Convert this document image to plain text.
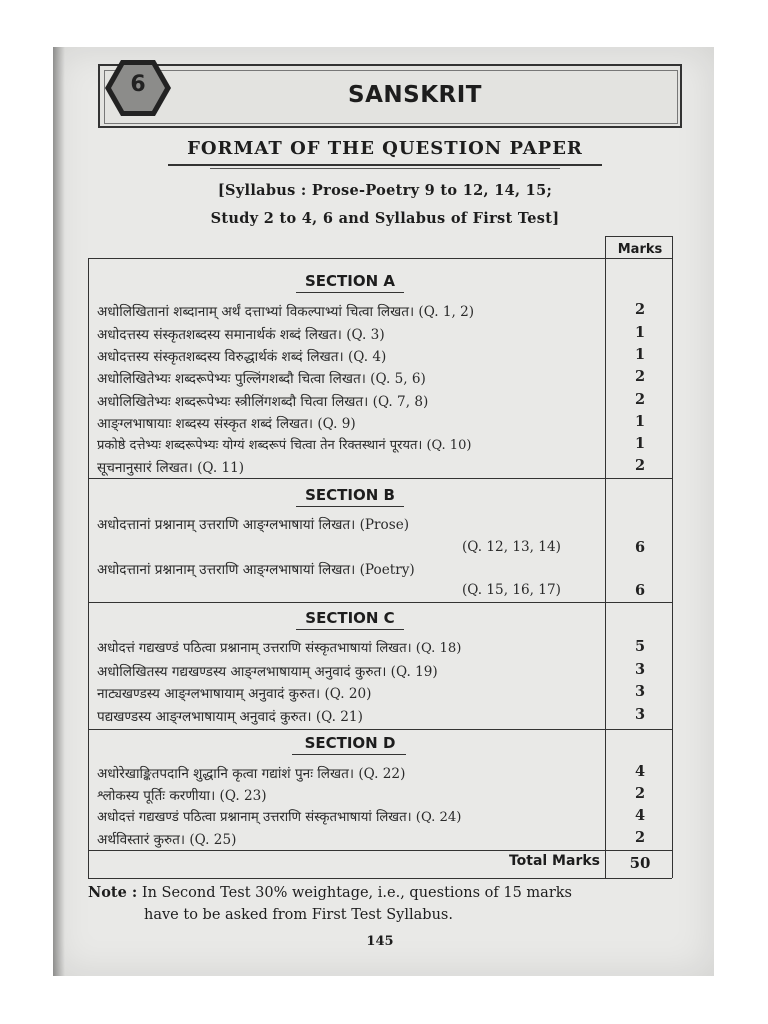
6	SANSKRIT
FORMAT OF THE QUESTION PAPER
[Syllabus : Prose-Poetry 9 to 12, 14, 15;
Study 2 to 4, 6 and Syllabus of First Test]
Marks
SECTION A
अधोलिखितानां शब्दानाम् अर्थं दत्ताभ्यां विकल्पाभ्यां चित्वा लिखत। (Q. 1, 2)	2
अधोदत्तस्य संस्कृतशब्दस्य समानार्थकं शब्दं लिखत। (Q. 3)	1
अधोदत्तस्य संस्कृतशब्दस्य विरुद्धार्थकं शब्दं लिखत। (Q. 4)	1
अधोलिखितेभ्यः शब्दरूपेभ्यः पुल्लिंगशब्दौ चित्वा लिखत। (Q. 5, 6)	2
अधोलिखितेभ्यः शब्दरूपेभ्यः स्त्रीलिंगशब्दौ चित्वा लिखत। (Q. 7, 8)	2
आङ्ग्लभाषायाः शब्दस्य संस्कृत शब्दं लिखत। (Q. 9)	1
प्रकोष्ठे दत्तेभ्यः शब्दरूपेभ्यः योग्यं शब्दरूपं चित्वा तेन रिक्तस्थानं पूरयत। (Q. 10)	1
सूचनानुसारं लिखत। (Q. 11)	2
SECTION B
अधोदत्तानां प्रश्नानाम् उत्तराणि आङ्ग्लभाषायां लिखत। (Prose)
(Q. 12, 13, 14)	6
अधोदत्तानां प्रश्नानाम् उत्तराणि आङ्ग्लभाषायां लिखत। (Poetry)
(Q. 15, 16, 17)	6
SECTION C
अधोदत्तं गद्यखण्डं पठित्वा प्रश्नानाम् उत्तराणि संस्कृतभाषायां लिखत। (Q. 18)	5
अधोलिखितस्य गद्यखण्डस्य आङ्ग्लभाषायाम् अनुवादं कुरुत। (Q. 19)	3
नाट्यखण्डस्य आङ्ग्लभाषायाम् अनुवादं कुरुत। (Q. 20)	3
पद्यखण्डस्य आङ्ग्लभाषायाम् अनुवादं कुरुत। (Q. 21)	3
SECTION D
अधोरेखाङ्कितपदानि शुद्धानि कृत्वा गद्यांशं पुनः लिखत। (Q. 22)	4
श्लोकस्य पूर्तिः करणीया। (Q. 23)	2
अधोदत्तं गद्यखण्डं पठित्वा प्रश्नानाम् उत्तराणि संस्कृतभाषायां लिखत। (Q. 24)	4
अर्थविस्तारं कुरुत। (Q. 25)	2
Total Marks	50
Note : In Second Test 30% weightage, i.e., questions of 15 marks
have to be asked from First Test Syllabus.
145
